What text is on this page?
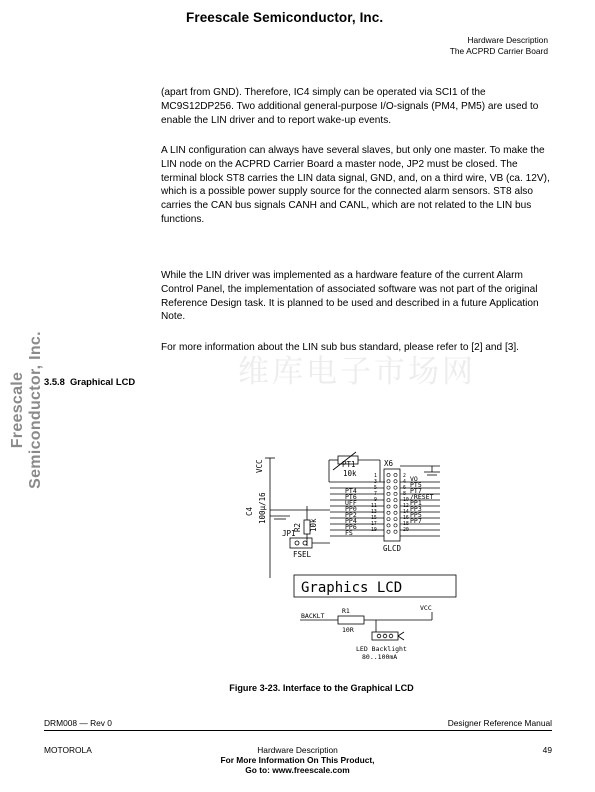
Freescale Semiconductor, Inc.
Hardware Description
The ACPRD Carrier Board
Freescale Semiconductor, Inc.	维库电子市场网

(apart from GND). Therefore, IC4 simply can be operated via SCI1 of the MC9S12DP256. Two additional general-purpose I/O-signals (PM4, PM5) are used to enable the LIN driver and to report wake-up events.

A LIN configuration can always have several slaves, but only one master. To make the LIN node on the ACPRD Carrier Board a master node, JP2 must be closed. The terminal block ST8 carries the LIN data signal, GND, and, on a third wire, VB (ca. 12V), which is a possible power supply source for the connected alarm sensors. ST8 also carries the CAN bus signals CANH and CANL, which are not related to the LIN bus functions.

While the LIN driver was implemented as a hardware feature of the current Alarm Control Panel, the implementation of associated software was not part of the original Reference Design task. It is planned to be used and described in a future Application Note.

For more information about the LIN sub bus standard, please refer to [2] and [3].

3.5.8 Graphical LCD
VCC	PT1
10k
X6
C4 100µ/16
R2 10k
JP1
FSEL
GLCD
PT4
PT6
UFF
PP0
PP2
PP4
PP6
FS
VO
PT5
PT7
/RESET
PP1
PP3
PP5
PP7
1
3
5
7
9
11
13
15
17
19
2
4
6
8
10
12
14
16
18
20
Graphics LCD
BACKLT
R1
10R
VCC
LED Backlight
80..100mA
Figure 3-23. Interface to the Graphical LCD
DRM008 — Rev 0	Designer Reference Manual
MOTOROLA	Hardware Description	49
For More Information On This Product,
Go to: www.freescale.com
